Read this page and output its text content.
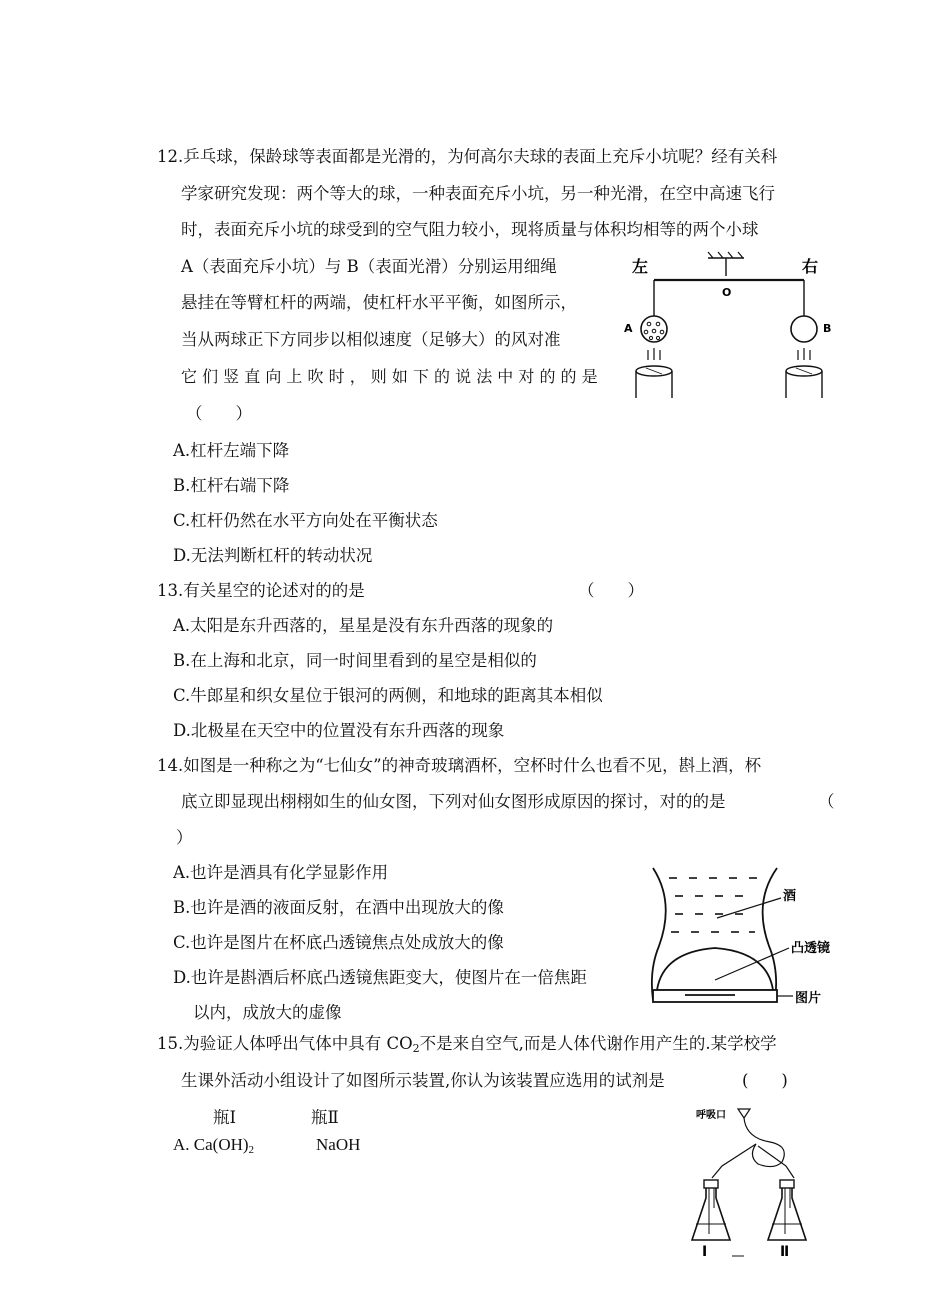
12.乒乓球，保龄球等表面都是光滑的，为何高尔夫球的表面上充斥小坑呢？经有关科
学家研究发现：两个等大的球，一种表面充斥小坑，另一种光滑，在空中高速飞行
时，表面充斥小坑的球受到的空气阻力较小，现将质量与体积均相等的两个小球
A（表面充斥小坑）与 B（表面光滑）分别运用细绳
悬挂在等臂杠杆的两端，使杠杆水平平衡，如图所示，
当从两球正下方同步以相似速度（足够大）的风对准
它 们 竖 直 向 上 吹 时 ， 则 如 下 的 说 法 中 对 的 的 是
（　　）
A.杠杆左端下降
B.杠杆右端下降
C.杠杆仍然在水平方向处在平衡状态
D.无法判断杠杆的转动状况
左	右
O
A	B
13.有关星空的论述对的的是	（　　）
A.太阳是东升西落的，星星是没有东升西落的现象的
B.在上海和北京，同一时间里看到的星空是相似的
C.牛郎星和织女星位于银河的两侧，和地球的距离其本相似
D.北极星在天空中的位置没有东升西落的现象
14.如图是一种称之为“七仙女”的神奇玻璃酒杯，空杯时什么也看不见，斟上酒，杯
底立即显现出栩栩如生的仙女图，下列对仙女图形成原因的探讨，对的的是	（
）
A.也许是酒具有化学显影作用
B.也许是酒的液面反射，在酒中出现放大的像
C.也许是图片在杯底凸透镜焦点处成放大的像
D.也许是斟酒后杯底凸透镜焦距变大，使图片在一倍焦距
以内，成放大的虚像
酒
凸透镜
图片
15.为验证人体呼出气体中具有 $CO_2$不是来自空气,而是人体代谢作用产生的.某学校学
生课外活动小组设计了如图所示装置,你认为该装置应选用的试剂是	(　　)
瓶Ⅰ	瓶Ⅱ
A. $Ca(OH)_2$	NaOH
呼吸口
Ⅰ	Ⅱ
